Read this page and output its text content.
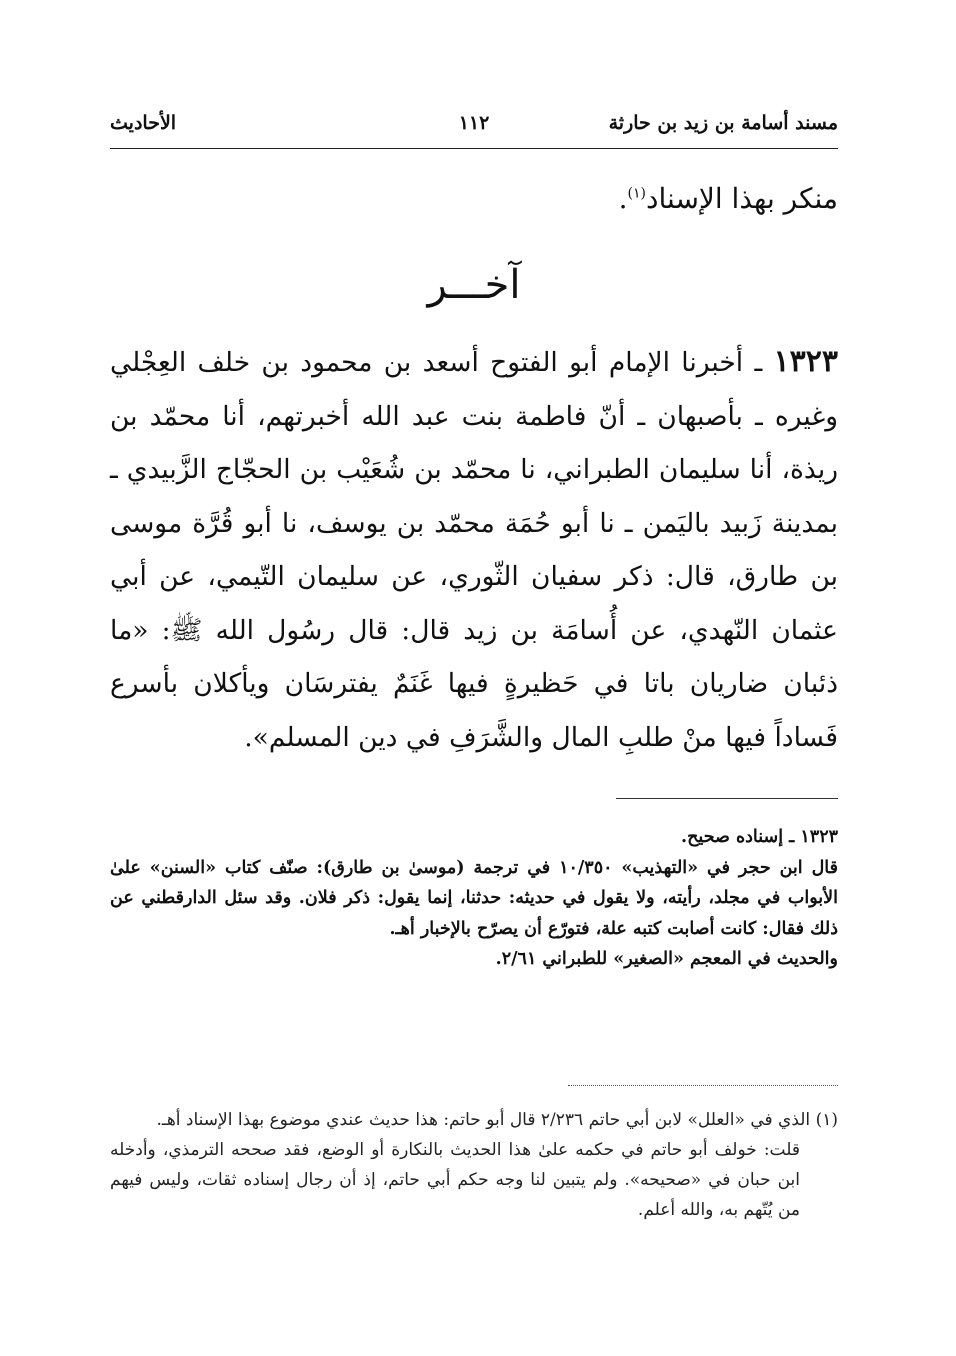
مسند أسامة بن زيد بن حارثة
١١٢
الأحاديث
منكر بهذا الإسناد$^{(١)}$.
آخـــر
١٣٢٣ ـ أخبرنا الإمام أبو الفتوح أسعد بن محمود بن خلف العِجْلي وغيره ـ بأصبهان ـ أنّ فاطمة بنت عبد الله أخبرتهم، أنا محمّد بن ريذة، أنا سليمان الطبراني، نا محمّد بن شُعَيْب بن الحجّاج الزَّبيدي ـ بمدينة زَبيد باليَمن ـ نا أبو حُمَة محمّد بن يوسف، نا أبو قُرَّة موسى بن طارق، قال: ذكر سفيان الثّوري، عن سليمان التّيمي، عن أبي عثمان النّهدي، عن أُسامَة بن زيد قال: قال رسُول الله ﷺ: «ما ذئبان ضاريان باتا في حَظيرةٍ فيها غَنَمٌ يفترسَان ويأكلان بأسرع فَساداً فيها منْ طلبِ المال والشَّرَفِ في دين المسلم».
١٣٢٣ ـ إسناده صحيح.
قال ابن حجر في «التهذيب» ١٠/٣٥٠ في ترجمة (موسىٰ بن طارق): صنّف كتاب «السنن» علىٰ الأبواب في مجلد، رأيته، ولا يقول في حديثه: حدثنا، إنما يقول: ذكر فلان. وقد سئل الدارقطني عن ذلك فقال: كانت أصابت كتبه علة، فتورّع أن يصرّح بالإخبار أهـ.
والحديث في المعجم «الصغير» للطبراني ٢/٦١.
(١) الذي في «العلل» لابن أبي حاتم ٢/٢٣٦ قال أبو حاتم: هذا حديث عندي موضوع بهذا الإسناد أهـ.
قلت: خولف أبو حاتم في حكمه علىٰ هذا الحديث بالنكارة أو الوضع، فقد صححه الترمذي، وأدخله ابن حبان في «صحيحه». ولم يتبين لنا وجه حكم أبي حاتم، إذ أن رجال إسناده ثقات، وليس فيهم من يُتّهم به، والله أعلم.
